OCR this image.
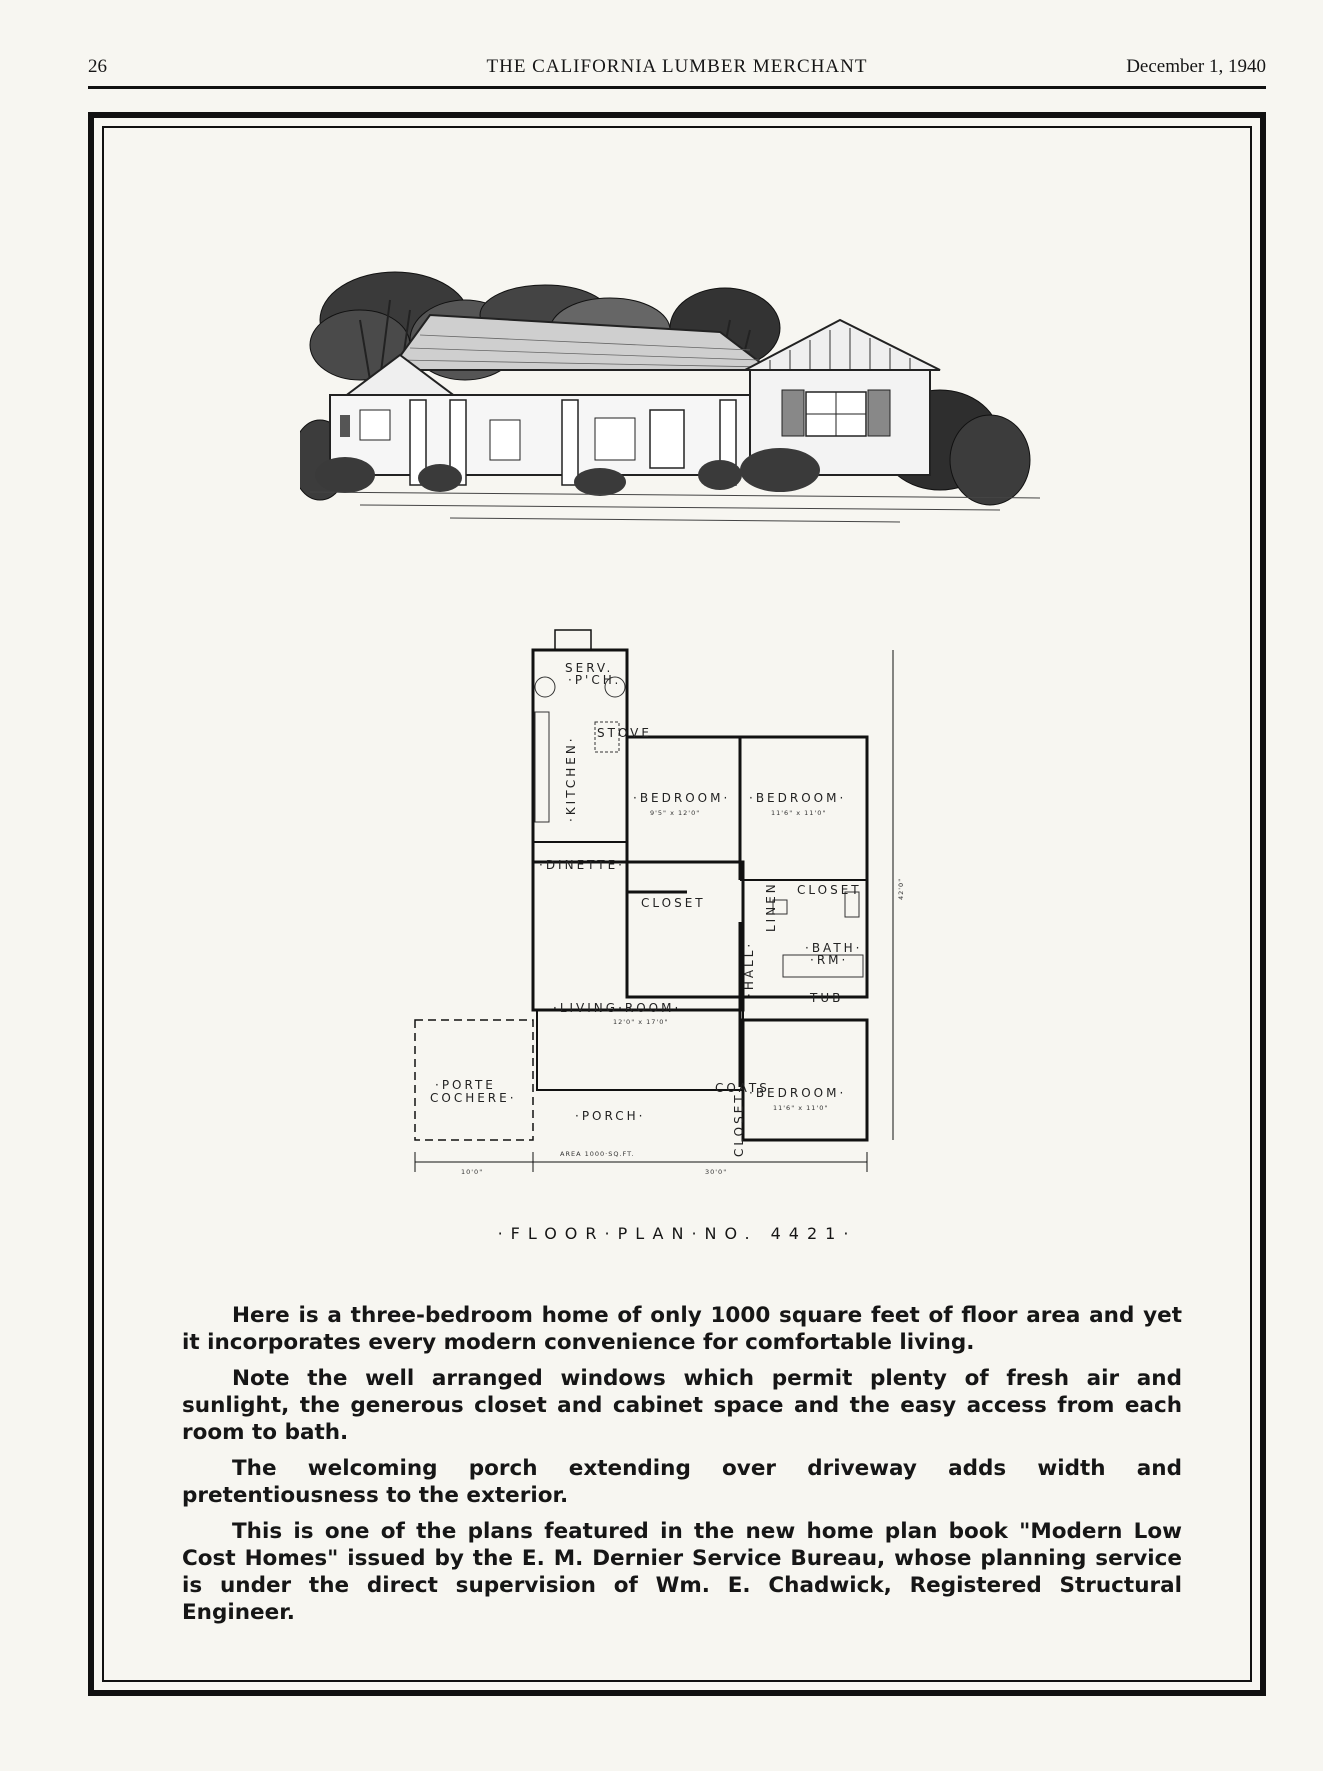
26	THE CALIFORNIA LUMBER MERCHANT	December 1, 1940
SERV.
·P'CH.
·KITCHEN·
STOVE
·DINETTE·
·BEDROOM·
9'5" x 12'0"
·BEDROOM·
11'6" x 11'0"
CLOSET
CLOSET
·HALL·
LINEN
·BATH·
·RM·
TUB
·LIVING·ROOM·
12'0" x 17'0"
·BEDROOM·
11'6" x 11'0"
CLOSET
COATS
·PORTE
COCHERE·
·PORCH·
AREA 1000·SQ.FT.
10'0"	30'0"
42'0"
·FLOOR·PLAN·NO. 4421·

Here is a three-bedroom home of only 1000 square feet of floor area and yet it incorporates every modern convenience for comfortable living.

Note the well arranged windows which permit plenty of fresh air and sunlight, the generous closet and cabinet space and the easy access from each room to bath.

The welcoming porch extending over driveway adds width and pretentiousness to the exterior.

This is one of the plans featured in the new home plan book "Modern Low Cost Homes" issued by the E. M. Dernier Service Bureau, whose planning service is under the direct supervision of Wm. E. Chadwick, Registered Structural Engineer.
